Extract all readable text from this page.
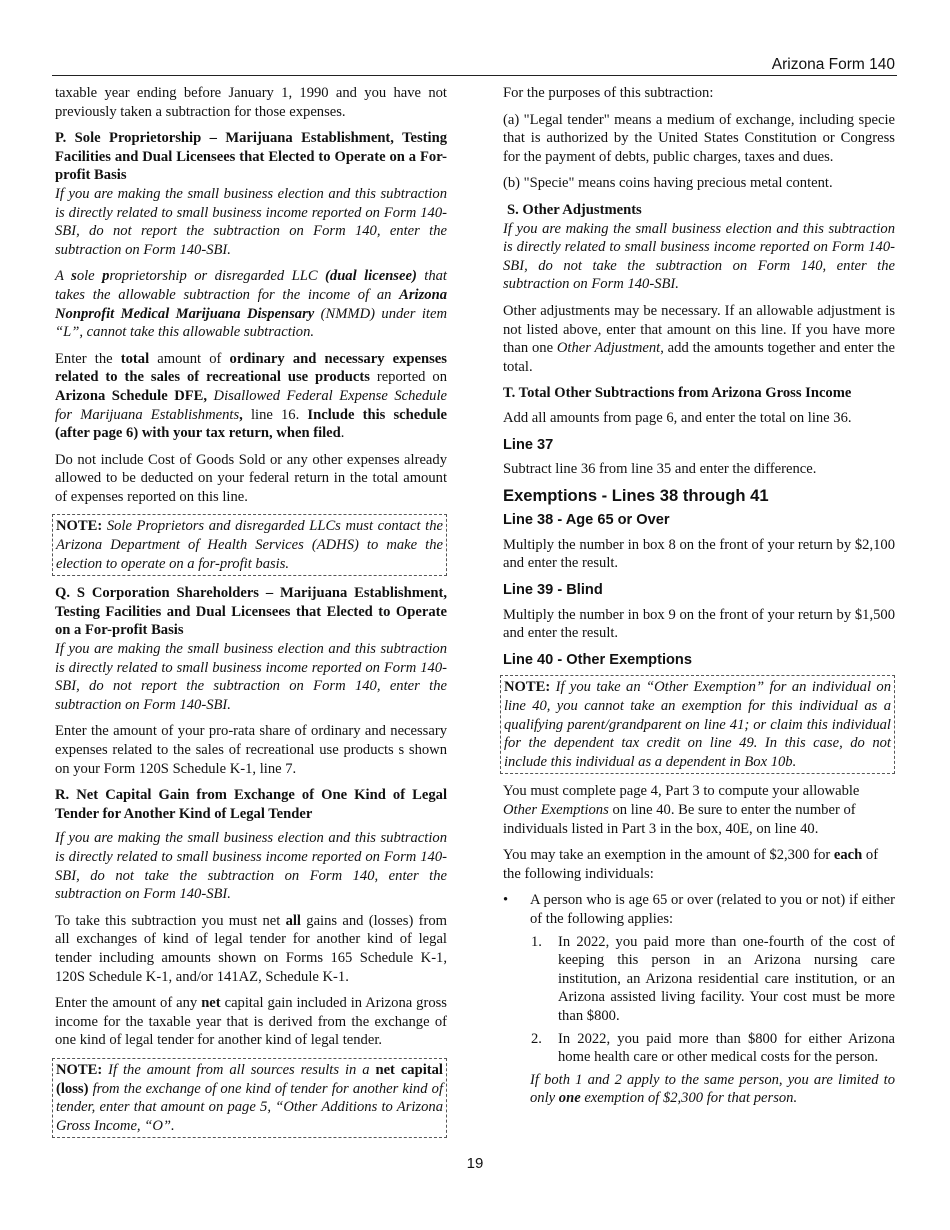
Arizona Form 140

taxable year ending before January 1, 1990 and you have not previously taken a subtraction for those expenses.

P. Sole Proprietorship – Marijuana Establishment, Testing Facilities and Dual Licensees that Elected to Operate on a For-profit Basis

If you are making the small business election and this subtraction is directly related to small business income reported on Form 140-SBI, do not report the subtraction on Form 140, enter the subtraction on Form 140-SBI.

A sole proprietorship or disregarded LLC (dual licensee) that takes the allowable subtraction for the income of an Arizona Nonprofit Medical Marijuana Dispensary (NMMD) under item “L”, cannot take this allowable subtraction.

Enter the total amount of ordinary and necessary expenses related to the sales of recreational use products reported on Arizona Schedule DFE, Disallowed Federal Expense Schedule for Marijuana Establishments, line 16. Include this schedule (after page 6) with your tax return, when filed.

Do not include Cost of Goods Sold or any other expenses already allowed to be deducted on your federal return in the total amount of expenses reported on this line.

NOTE: Sole Proprietors and disregarded LLCs must contact the Arizona Department of Health Services (ADHS) to make the election to operate on a for-profit basis.
Q. S Corporation Shareholders – Marijuana Establishment, Testing Facilities and Dual Licensees that Elected to Operate on a For-profit Basis

If you are making the small business election and this subtraction is directly related to small business income reported on Form 140-SBI, do not report the subtraction on Form 140, enter the subtraction on Form 140-SBI.

Enter the amount of your pro-rata share of ordinary and necessary expenses related to the sales of recreational use products s shown on your Form 120S Schedule K-1, line 7.

R. Net Capital Gain from Exchange of One Kind of Legal Tender for Another Kind of Legal Tender

If you are making the small business election and this subtraction is directly related to small business income reported on Form 140-SBI, do not take the subtraction on Form 140, enter the subtraction on Form 140-SBI.

To take this subtraction you must net all gains and (losses) from all exchanges of kind of legal tender for another kind of legal tender including amounts shown on Forms 165 Schedule K-1, 120S Schedule K-1, and/or 141AZ, Schedule K-1.

Enter the amount of any net capital gain included in Arizona gross income for the taxable year that is derived from the exchange of one kind of legal tender for another kind of legal tender.

NOTE: If the amount from all sources results in a net capital (loss) from the exchange of one kind of tender for another kind of tender, enter that amount on page 5, “Other Additions to Arizona Gross Income, “O”.

For the purposes of this subtraction:

(a) "Legal tender" means a medium of exchange, including specie that is authorized by the United States Constitution or Congress for the payment of debts, public charges, taxes and dues.

(b) "Specie" means coins having precious metal content.

S. Other Adjustments

If you are making the small business election and this subtraction is directly related to small business income reported on Form 140-SBI, do not take the subtraction on Form 140, enter the subtraction on Form 140-SBI.

Other adjustments may be necessary. If an allowable adjustment is not listed above, enter that amount on this line. If you have more than one Other Adjustment, add the amounts together and enter the total.

T. Total Other Subtractions from Arizona Gross Income

Add all amounts from page 6, and enter the total on line 36.

Line 37

Subtract line 36 from line 35 and enter the difference.

Exemptions - Lines 38 through 41
Line 38 - Age 65 or Over

Multiply the number in box 8 on the front of your return by $2,100 and enter the result.

Line 39 - Blind

Multiply the number in box 9 on the front of your return by $1,500 and enter the result.

Line 40 - Other Exemptions
NOTE: If you take an “Other Exemption” for an individual on line 40, you cannot take an exemption for this individual as a qualifying parent/grandparent on line 41; or claim this individual for the dependent tax credit on line 49. In this case, do not include this individual as a dependent in Box 10b.

You must complete page 4, Part 3 to compute your allowable Other Exemptions on line 40. Be sure to enter the number of individuals listed in Part 3 in the box, 40E, on line 40.

You may take an exemption in the amount of $2,300 for each of the following individuals:

• A person who is age 65 or over (related to you or not) if either of the following applies:
1. In 2022, you paid more than one-fourth of the cost of keeping this person in an Arizona nursing care institution, an Arizona residential care institution, or an Arizona assisted living facility. Your cost must be more than $800.
2. In 2022, you paid more than $800 for either Arizona home health care or other medical costs for the person.

If both 1 and 2 apply to the same person, you are limited to only one exemption of $2,300 for that person.

19
